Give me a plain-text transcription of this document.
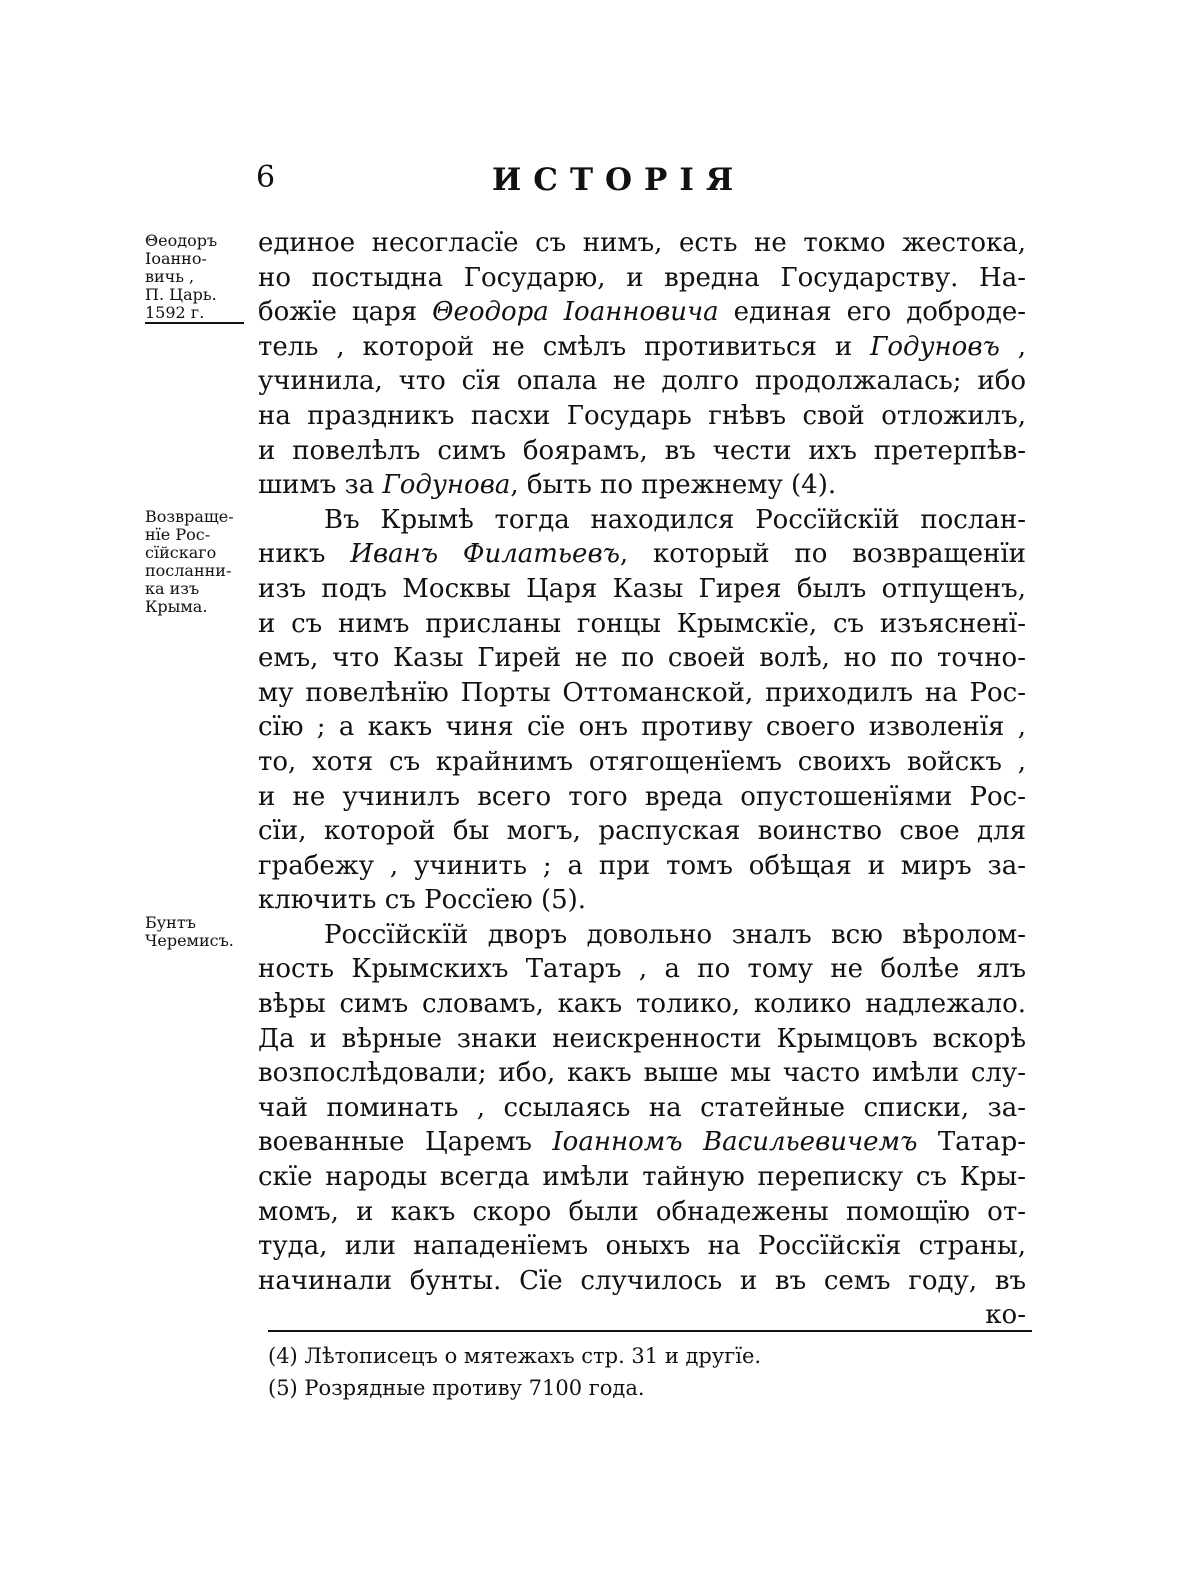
6	ИСТОРІЯ
Θеодоръ
Іоанно-
вичь ,
П. Царь.
1592 г.
Возвраще-
нїе Рос-
сїйскаго
посланни-
ка изъ
Крыма.
Бунтъ
Черемисъ.
единое несогласїе съ нимъ, есть не токмо жестока,
но постыдна Государю, и вредна Государству. На-
божїе царя Θеодора Іоанновича единая его доброде-
тель , которой не смѣлъ противиться и Годуновъ ,
учинила, что сїя опала не долго продолжалась; ибо
на праздникъ пасхи Государь гнѣвъ свой отложилъ,
и повелѣлъ симъ боярамъ, въ чести ихъ претерпѣв-
шимъ за Годунова, быть по прежнему (4).
Въ Крымѣ тогда находился Россїйскїй послан-
никъ Иванъ Филатьевъ, который по возвращенїи
изъ подъ Москвы Царя Казы Гирея былъ отпущенъ,
и съ нимъ присланы гонцы Крымскїе, съ изъясненї-
емъ, что Казы Гирей не по своей волѣ, но по точно-
му повелѣнїю Порты Оттоманской, приходилъ на Рос-
сїю ; а какъ чиня сїе онъ противу своего изволенїя ,
то, хотя съ крайнимъ отягощенїемъ своихъ войскъ ,
и не учинилъ всего того вреда опустошенїями Рос-
сїи, которой бы могъ, распуская воинство свое для
грабежу , учинить ; а при томъ обѣщая и миръ за-
ключить съ Россїею (5).
Россїйскїй дворъ довольно зналъ всю вѣролом-
ность Крымскихъ Татаръ , а по тому не болѣе ялъ
вѣры симъ словамъ, какъ толико, колико надлежало.
Да и вѣрные знаки неискренности Крымцовъ вскорѣ
возпослѣдовали; ибо, какъ выше мы часто имѣли слу-
чай поминать , ссылаясь на статейные списки, за-
воеванные Царемъ Іоанномъ Васильевичемъ Татар-
скїе народы всегда имѣли тайную переписку съ Кры-
момъ, и какъ скоро были обнадежены помощїю от-
туда, или нападенїемъ оныхъ на Россїйскїя страны,
начинали бунты. Сїе случилось и въ семъ году, въ
ко-
(4) Лѣтописецъ о мятежахъ стр. 31 и другїе.
(5) Розрядные противу 7100 года.
